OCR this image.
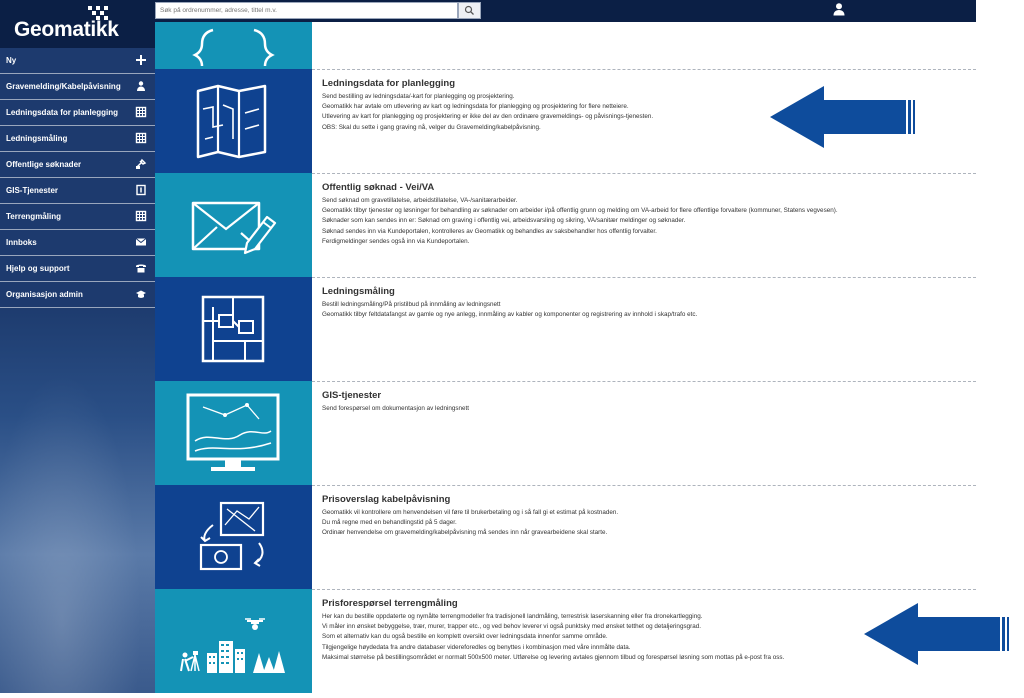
Geomatikk
Ny
Gravemelding/Kabelpåvisning
Ledningsdata for planlegging
Ledningsmåling
Offentlige søknader
GIS-Tjenester
Terrengmåling
Innboks
Hjelp og support
Organisasjon admin
Søk på ordrenummer, adresse, tittel m.v.
Ledningsdata for planlegging
Send bestilling av ledningsdata/-kart for planlegging og prosjektering.
Geomatikk har avtale om utlevering av kart og ledningsdata for planlegging og prosjektering for flere netteiere.
Utlevering av kart for planlegging og prosjektering er ikke del av den ordinære gravemeldings- og påvisnings-tjenesten.
OBS: Skal du sette i gang graving nå, velger du Gravemelding/kabelpåvisning.
Offentlig søknad - Vei/VA
Send søknad om gravetillatelse, arbeidstillatelse, VA-/sanitærarbeider.
Geomatikk tilbyr tjenester og løsninger for behandling av søknader om arbeider i/på offentlig grunn og melding om VA-arbeid for flere offentlige forvaltere (kommuner, Statens vegvesen).
Søknader som kan sendes inn er: Søknad om graving i offentlig vei, arbeidsvarsling og sikring, VA/sanitær meldinger og søknader.
Søknad sendes inn via Kundeportalen, kontrolleres av Geomatikk og behandles av saksbehandler hos offentlig forvalter.
Ferdigmeldinger sendes også inn via Kundeportalen.
Ledningsmåling
Bestill ledningsmåling/På pristilbud på innmåling av ledningsnett
Geomatikk tilbyr feltdatafangst av gamle og nye anlegg, innmåling av kabler og komponenter og registrering av innhold i skap/trafo etc.
GIS-tjenester
Send forespørsel om dokumentasjon av ledningsnett
Prisoverslag kabelpåvisning
Geomatikk vil kontrollere om henvendelsen vil føre til brukerbetaling og i så fall gi et estimat på kostnaden.
Du må regne med en behandlingstid på 5 dager.
Ordinær henvendelse om gravemelding/kabelpåvisning må sendes inn når gravearbeidene skal starte.
Prisforespørsel terrengmåling
Her kan du bestille oppdaterte og nymålte terrengmodeller fra tradisjonell landmåling, terrestrisk laserskanning eller fra dronekartlegging.
Vi måler inn ønsket bebyggelse, trær, murer, trapper etc., og ved behov leverer vi også punktsky med ønsket tetthet og detaljeringsgrad.
Som et alternativ kan du også bestille en komplett oversikt over ledningsdata innenfor samme område.
Tilgjengelige høydedata fra andre databaser videreforedles og benyttes i kombinasjon med våre innmålte data.
Maksimal størrelse på bestillingsområdet er normalt 500x500 meter. Utførelse og levering avtales gjennom tilbud og forespørsel løsning som mottas på e-post fra oss.
